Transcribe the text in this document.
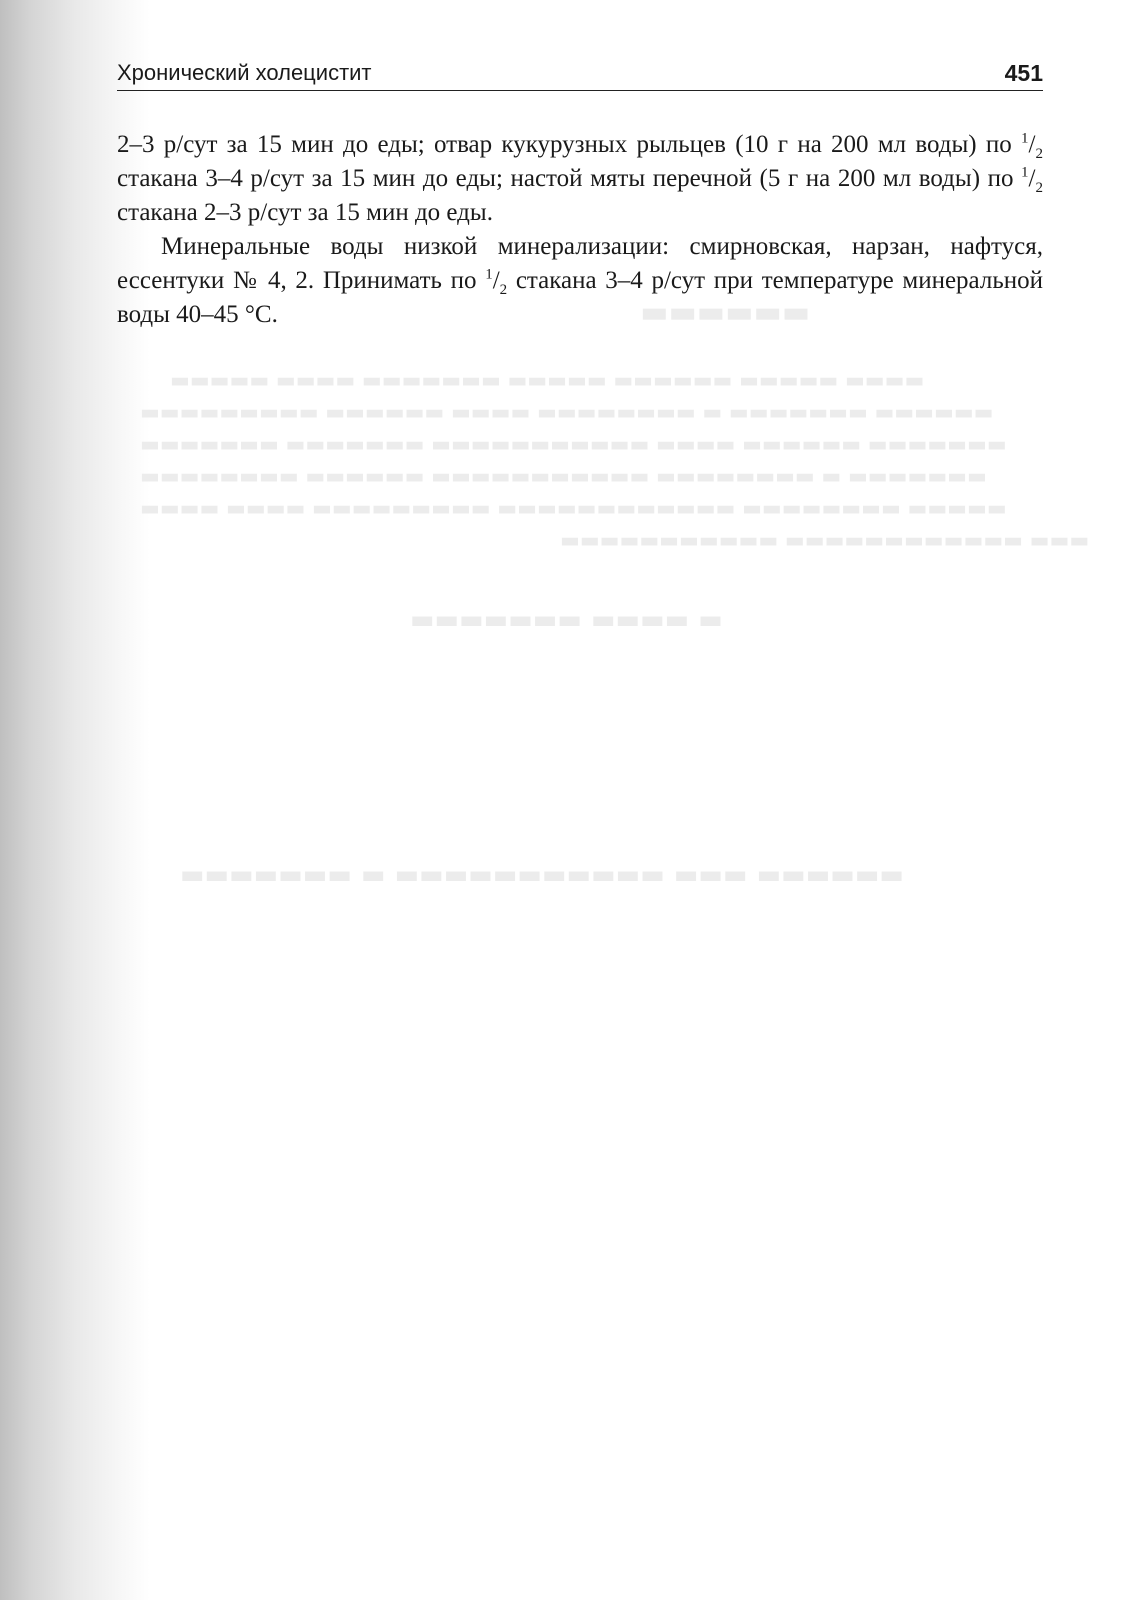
▬▬▬▬▬▬
▬▬▬▬ ▬▬▬▬▬ ▬▬▬▬▬▬ ▬▬▬▬▬ ▬▬▬▬▬▬▬ ▬▬▬▬ ▬▬▬▬▬
▬▬▬▬▬▬ ▬▬▬▬▬▬▬ ▬ ▬▬▬▬▬▬▬▬ ▬▬▬▬ ▬▬▬▬▬▬ ▬▬▬▬▬▬▬▬▬
▬▬▬▬▬▬▬ ▬▬▬▬▬▬ ▬▬▬▬ ▬▬▬▬▬▬▬▬▬▬▬ ▬▬▬▬▬▬▬ ▬▬▬▬▬▬▬
▬▬▬▬▬▬▬ ▬ ▬▬▬▬▬▬▬▬ ▬▬▬▬▬▬▬▬▬▬▬ ▬▬▬▬▬▬ ▬▬▬▬▬▬▬▬
▬▬▬▬▬ ▬▬▬▬▬▬▬▬ ▬▬▬▬▬▬▬▬▬▬▬▬ ▬▬▬▬▬▬▬▬▬ ▬▬▬▬ ▬▬▬▬
▬▬▬ ▬▬▬▬▬▬▬▬▬▬▬▬ ▬▬▬▬▬▬▬▬▬▬▬
▬ ▬▬▬▬ ▬▬▬▬▬▬▬
▬▬▬▬▬▬ ▬▬▬ ▬▬▬▬▬▬▬▬▬▬▬ ▬ ▬▬▬▬▬▬▬
Хронический холецистит	451

2–3 р/сут за 15 мин до еды; отвар кукурузных рыльцев (10 г на 200 мл воды) по $^1/_2$ стакана 3–4 р/сут за 15 мин до еды; настой мяты перечной (5 г на 200 мл воды) по $^1/_2$ стакана 2–3 р/сут за 15 мин до еды.

Минеральные воды низкой минерализации: смирновская, нарзан, нафтуся, ессентуки № 4, 2. Принимать по $^1/_2$ стакана 3–4 р/сут при температуре минеральной воды 40–45 °С.
